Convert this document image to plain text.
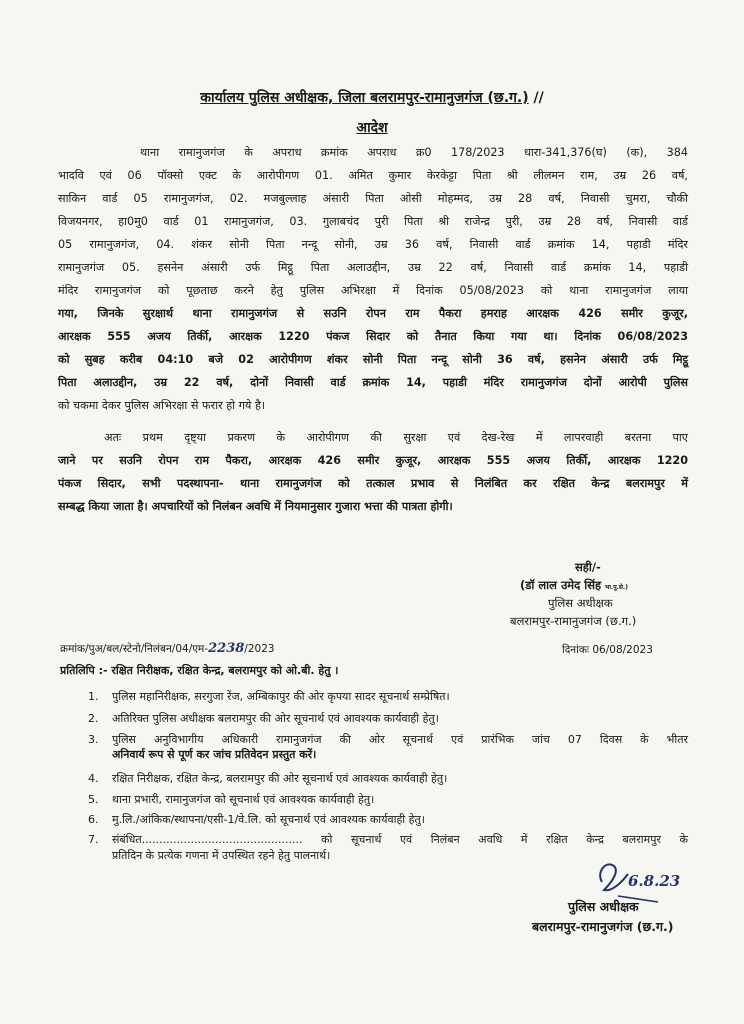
कार्यालय पुलिस अधीक्षक, जिला बलरामपुर-रामानुजगंज (छ.ग.) //
आदेश
थाना रामानुजगंज के अपराध क्रमांक अपराध क्र0 178/2023 धारा-341,376(घ) (क), 384
भादवि एवं 06 पॉक्सो एक्ट के आरोपीगण 01. अमित कुमार केरकेट्टा पिता श्री लीलमन राम, उम्र 26 वर्ष,
साकिन वार्ड 05 रामानुजगंज, 02. मजबुल्लाह अंसारी पिता ओसी मोहम्मद, उम्र 28 वर्ष, निवासी चुमरा, चौकी
विजयनगर, हा0मु0 वार्ड 01 रामानुजगंज, 03. गुलाबचंद पुरी पिता श्री राजेन्द्र पुरी, उम्र 28 वर्ष, निवासी वार्ड
05 रामानुजगंज, 04. शंकर सोनी पिता नन्दू सोनी, उम्र 36 वर्ष, निवासी वार्ड क्रमांक 14, पहाडी मंदिर
रामानुजगंज 05. हसनेन अंसारी उर्फ मिट्ठू पिता अलाउद्दीन, उम्र 22 वर्ष, निवासी वार्ड क्रमांक 14, पहाडी
मंदिर रामानुजगंज को पूछताछ करने हेतु पुलिस अभिरक्षा में दिनांक 05/08/2023 को थाना रामानुजगंज लाया
गया, जिनके सुरक्षार्थ थाना रामानुजगंज से सउनि रोपन राम पैकरा हमराह आरक्षक 426 समीर कुजूर,
आरक्षक 555 अजय तिर्की, आरक्षक 1220 पंकज सिदार को तैनात किया गया था। दिनांक 06/08/2023
को सुबह करीब 04:10 बजे 02 आरोपीगण शंकर सोनी पिता नन्दू सोनी 36 वर्ष, हसनेन अंसारी उर्फ मिट्ठू
पिता अलाउद्दीन, उम्र 22 वर्ष, दोनों निवासी वार्ड क्रमांक 14, पहाडी मंदिर रामानुजगंज दोनों आरोपी पुलिस
को चकमा देकर पुलिस अभिरक्षा से फरार हो गये है।
अतः प्रथम दृष्ट्या प्रकरण के आरोपीगण की सुरक्षा एवं देख-रेख में लापरवाही बरतना पाए
जाने पर सउनि रोपन राम पैकरा, आरक्षक 426 समीर कुजूर, आरक्षक 555 अजय तिर्की, आरक्षक 1220
पंकज सिदार, सभी पदस्थापना- थाना रामानुजगंज को तत्काल प्रभाव से निलंबित कर रक्षित केन्द्र बलरामपुर में
सम्बद्ध किया जाता है। अपचारियों को निलंबन अवधि में नियमानुसार गुजारा भत्ता की पात्रता होगी।
सही/-
(डॉ लाल उमेद सिंह भा.पु.से.)
पुलिस अधीक्षक
बलरामपुर-रामानुजगंज (छ.ग.)
क्रमांक/पुअ/बल/स्टेनो/निलंबन/04/एम-2238/2023	दिनांकः 06/08/2023
प्रतिलिपि :- रक्षित निरीक्षक, रक्षित केन्द्र, बलरामपुर को ओ.बी. हेतु ।
1. पुलिस महानिरीक्षक, सरगुजा रेंज, अम्बिकापुर की ओर कृपया सादर सूचनार्थ सम्प्रेषित।
2. अतिरिक्त पुलिस अधीक्षक बलरामपुर की ओर सूचनार्थ एवं आवश्यक कार्यवाही हेतु।
3. पुलिस अनुविभागीय अधिकारी रामानुजगंज की ओर सूचनार्थ एवं प्रारंभिक जांच 07 दिवस के भीतर
अनिवार्य रूप से पूर्ण कर जांच प्रतिवेदन प्रस्तुत करें।
4. रक्षित निरीक्षक, रक्षित केन्द्र, बलरामपुर की ओर सूचनार्थ एवं आवश्यक कार्यवाही हेतु।
5. थाना प्रभारी, रामानुजगंज को सूचनार्थ एवं आवश्यक कार्यवाही हेतु।
6. मु.लि./आंकिक/स्थापना/एसी-1/वे.लि. को सूचनार्थ एवं आवश्यक कार्यवाही हेतु।
7. संबंधित.............................................. को सूचनार्थ एवं निलंबन अवधि में रक्षित केन्द्र बलरामपुर के
प्रतिदिन के प्रत्येक गणना में उपस्थित रहने हेतु पालनार्थ।
6.8.23
पुलिस अधीक्षक
बलरामपुर-रामानुजगंज (छ.ग.)
